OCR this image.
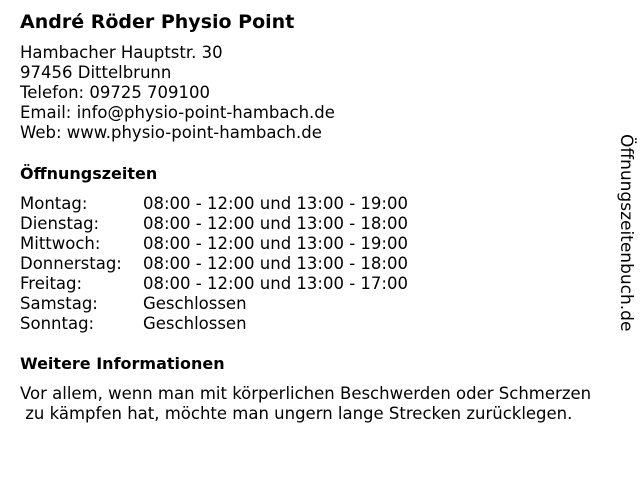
André Röder Physio Point
Hambacher Hauptstr. 30
97456 Dittelbrunn
Telefon: 09725 709100
Email: info@physio-point-hambach.de
Web: www.physio-point-hambach.de
Öffnungszeiten
Montag:	08:00 - 12:00 und 13:00 - 19:00
Dienstag:	08:00 - 12:00 und 13:00 - 18:00
Mittwoch:	08:00 - 12:00 und 13:00 - 19:00
Donnerstag:	08:00 - 12:00 und 13:00 - 18:00
Freitag:	08:00 - 12:00 und 13:00 - 17:00
Samstag:	Geschlossen
Sonntag:	Geschlossen
Weitere Informationen
Vor allem, wenn man mit körperlichen Beschwerden oder Schmerzen
zu kämpfen hat, möchte man ungern lange Strecken zurücklegen.
Öffnungszeitenbuch.de
